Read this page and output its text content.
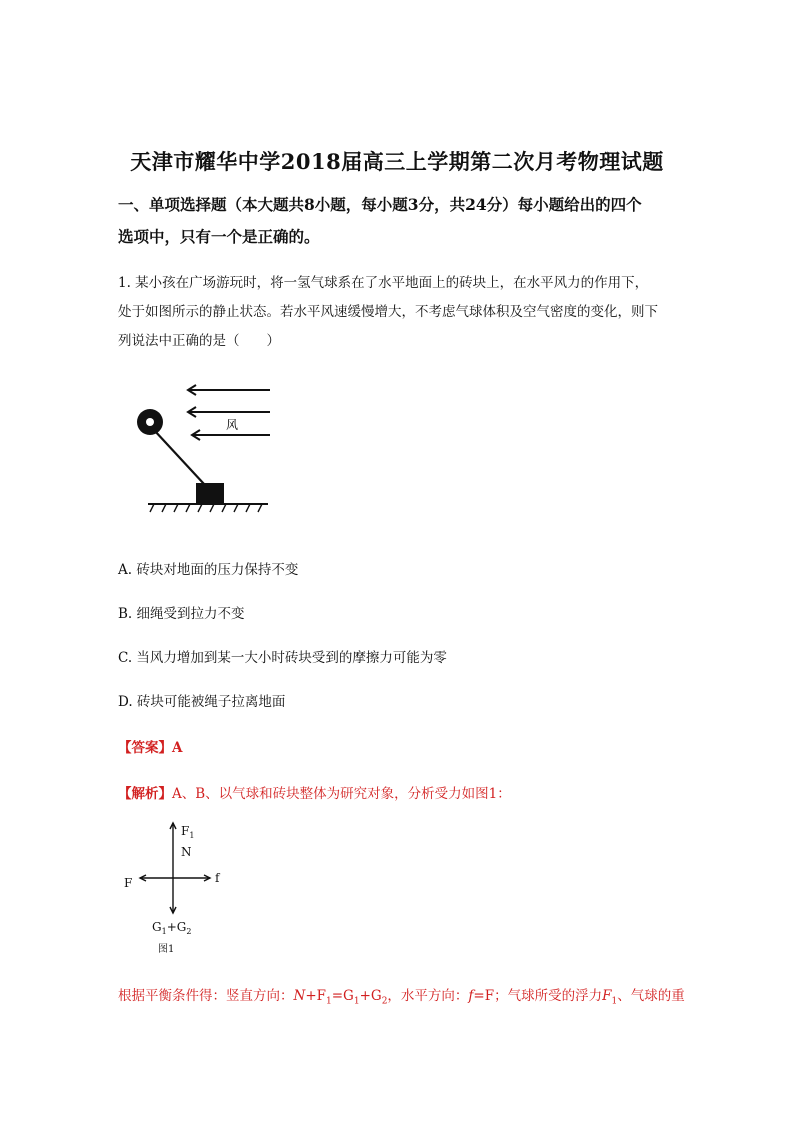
天津市耀华中学2018届高三上学期第二次月考物理试题
一、单项选择题（本大题共8小题，每小题3分，共24分）每小题给出的四个
选项中，只有一个是正确的。
1. 某小孩在广场游玩时，将一氢气球系在了水平地面上的砖块上，在水平风力的作用下，
处于如图所示的静止状态。若水平风速缓慢增大，不考虑气球体积及空气密度的变化，则下
列说法中正确的是（　　）
风
A. 砖块对地面的压力保持不变
B. 细绳受到拉力不变
C. 当风力增加到某一大小时砖块受到的摩擦力可能为零
D. 砖块可能被绳子拉离地面
【答案】A
【解析】A、B、以气球和砖块整体为研究对象，分析受力如图1：
$F_1$
N
F	f
$G_1+G_2$
图1
根据平衡条件得：竖直方向：$N+F_1=G_1+G_2$，水平方向：f=F；气球所受的浮力$F_1$、气球的重
